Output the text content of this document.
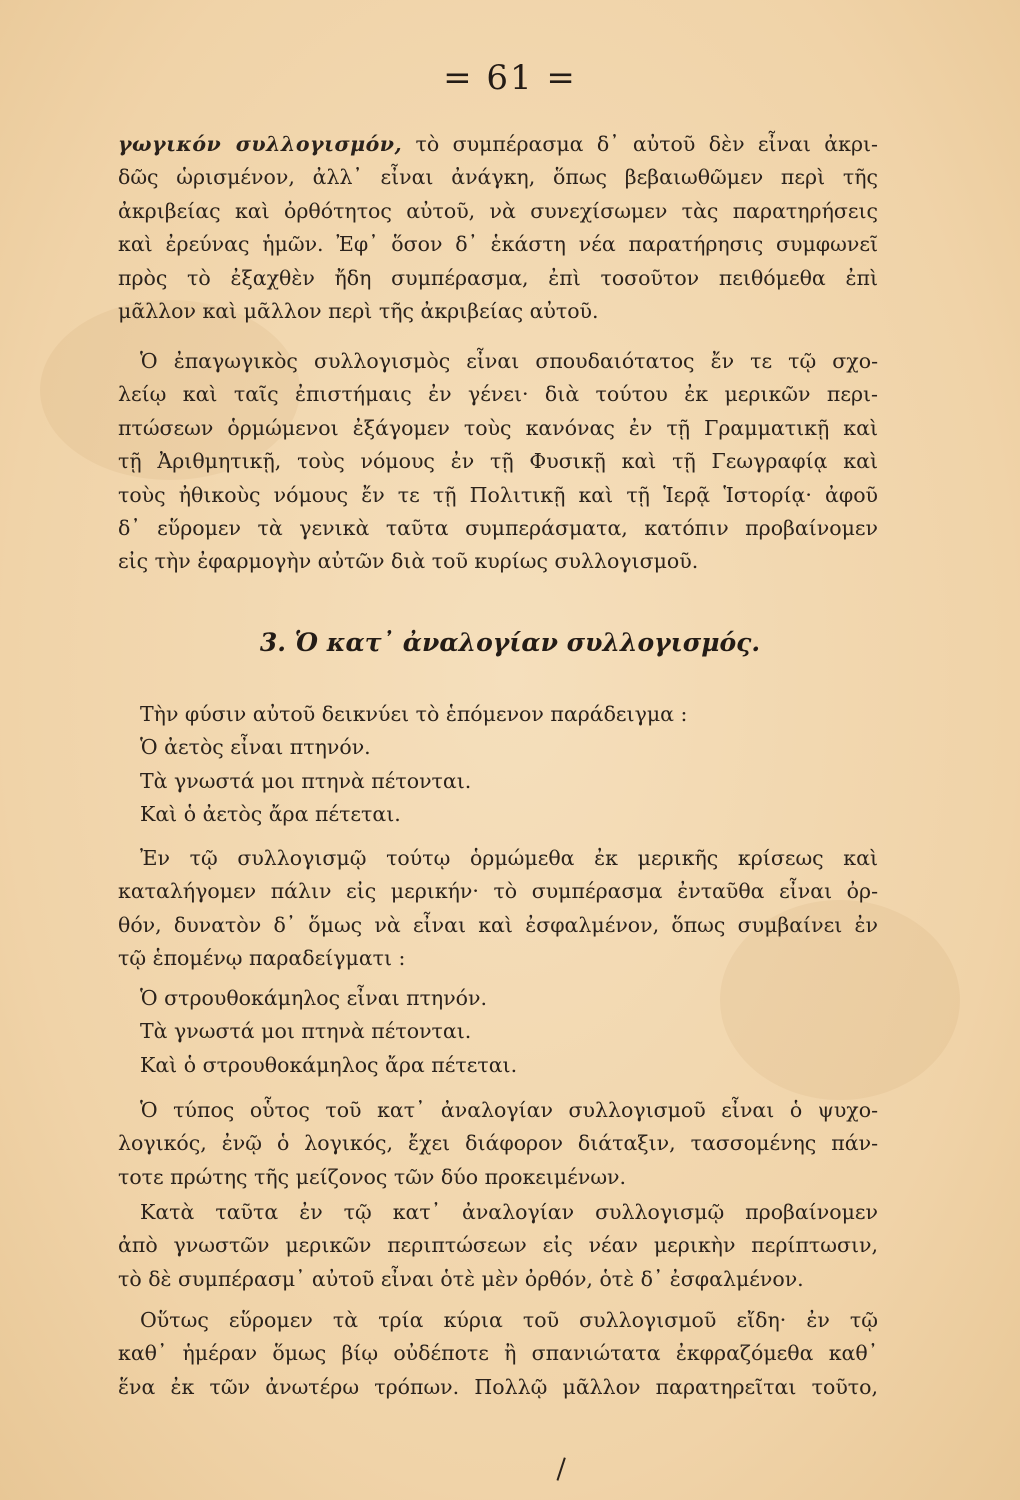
= 61 =
γωγικόν συλλογισμόν, τὸ συμπέρασμα δ᾽ αὐτοῦ δὲν εἶναι ἀκρι-
δῶς ὡρισμένον, ἀλλ᾽ εἶναι ἀνάγκη, ὅπως βεβαιωθῶμεν περὶ τῆς
ἀκριβείας καὶ ὀρθότητος αὐτοῦ, νὰ συνεχίσωμεν τὰς παρατηρήσεις
καὶ ἐρεύνας ἡμῶν. Ἐφ᾽ ὅσον δ᾽ ἑκάστη νέα παρατήρησις συμφωνεῖ
πρὸς τὸ ἐξαχθὲν ἤδη συμπέρασμα, ἐπὶ τοσοῦτον πειθόμεθα ἐπὶ
μᾶλλον καὶ μᾶλλον περὶ τῆς ἀκριβείας αὐτοῦ.
Ὁ ἐπαγωγικὸς συλλογισμὸς εἶναι σπουδαιότατος ἔν τε τῷ σχο-
λείῳ καὶ ταῖς ἐπιστήμαις ἐν γένει· διὰ τούτου ἐκ μερικῶν περι-
πτώσεων ὁρμώμενοι ἐξάγομεν τοὺς κανόνας ἐν τῇ Γραμματικῇ καὶ
τῇ Ἀριθμητικῇ, τοὺς νόμους ἐν τῇ Φυσικῇ καὶ τῇ Γεωγραφίᾳ καὶ
τοὺς ἠθικοὺς νόμους ἔν τε τῇ Πολιτικῇ καὶ τῇ Ἱερᾷ Ἱστορίᾳ· ἀφοῦ
δ᾽ εὕρομεν τὰ γενικὰ ταῦτα συμπεράσματα, κατόπιν προβαίνομεν
εἰς τὴν ἐφαρμογὴν αὐτῶν διὰ τοῦ κυρίως συλλογισμοῦ.
3. Ὁ κατ᾽ ἀναλογίαν συλλογισμός.
Τὴν φύσιν αὐτοῦ δεικνύει τὸ ἑπόμενον παράδειγμα :
Ὁ ἀετὸς εἶναι πτηνόν.
Τὰ γνωστά μοι πτηνὰ πέτονται.
Καὶ ὁ ἀετὸς ἄρα πέτεται.
Ἐν τῷ συλλογισμῷ τούτῳ ὁρμώμεθα ἐκ μερικῆς κρίσεως καὶ
καταλήγομεν πάλιν εἰς μερικήν· τὸ συμπέρασμα ἐνταῦθα εἶναι ὀρ-
θόν, δυνατὸν δ᾽ ὅμως νὰ εἶναι καὶ ἐσφαλμένον, ὅπως συμβαίνει ἐν
τῷ ἑπομένῳ παραδείγματι :
Ὁ στρουθοκάμηλος εἶναι πτηνόν.
Τὰ γνωστά μοι πτηνὰ πέτονται.
Καὶ ὁ στρουθοκάμηλος ἄρα πέτεται.
Ὁ τύπος οὗτος τοῦ κατ᾽ ἀναλογίαν συλλογισμοῦ εἶναι ὁ ψυχο-
λογικός, ἐνῷ ὁ λογικός, ἔχει διάφορον διάταξιν, τασσομένης πάν-
τοτε πρώτης τῆς μείζονος τῶν δύο προκειμένων.
Κατὰ ταῦτα ἐν τῷ κατ᾽ ἀναλογίαν συλλογισμῷ προβαίνομεν
ἀπὸ γνωστῶν μερικῶν περιπτώσεων εἰς νέαν μερικὴν περίπτωσιν,
τὸ δὲ συμπέρασμ᾽ αὐτοῦ εἶναι ὁτὲ μὲν ὀρθόν, ὁτὲ δ᾽ ἐσφαλμένον.
Οὕτως εὕρομεν τὰ τρία κύρια τοῦ συλλογισμοῦ εἴδη· ἐν τῷ
καθ᾽ ἡμέραν ὅμως βίῳ οὐδέποτε ἢ σπανιώτατα ἐκφραζόμεθα καθ᾽
ἕνα ἐκ τῶν ἀνωτέρω τρόπων. Πολλῷ μᾶλλον παρατηρεῖται τοῦτο,
